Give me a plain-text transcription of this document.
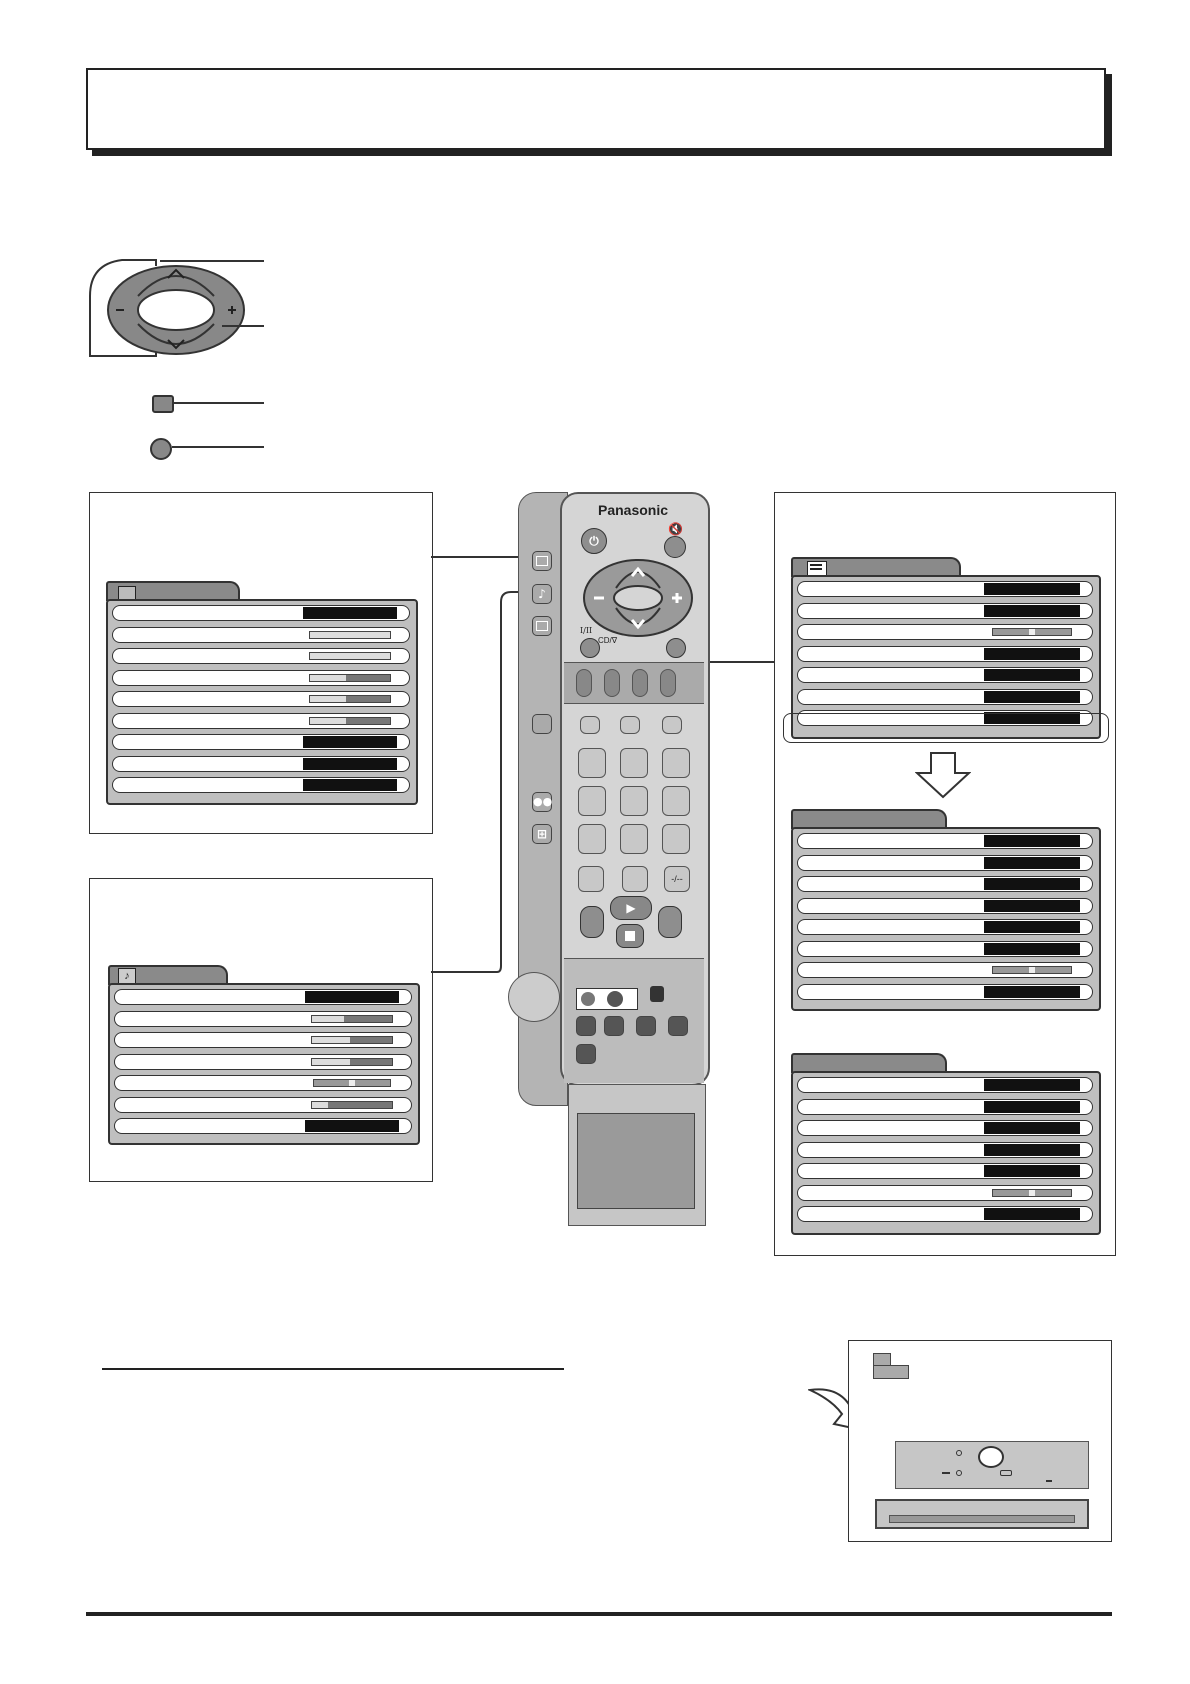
♪
Panasonic
♪
●●
⊞
⏻
🔇
I/II
CD/∇
-/--
▶
